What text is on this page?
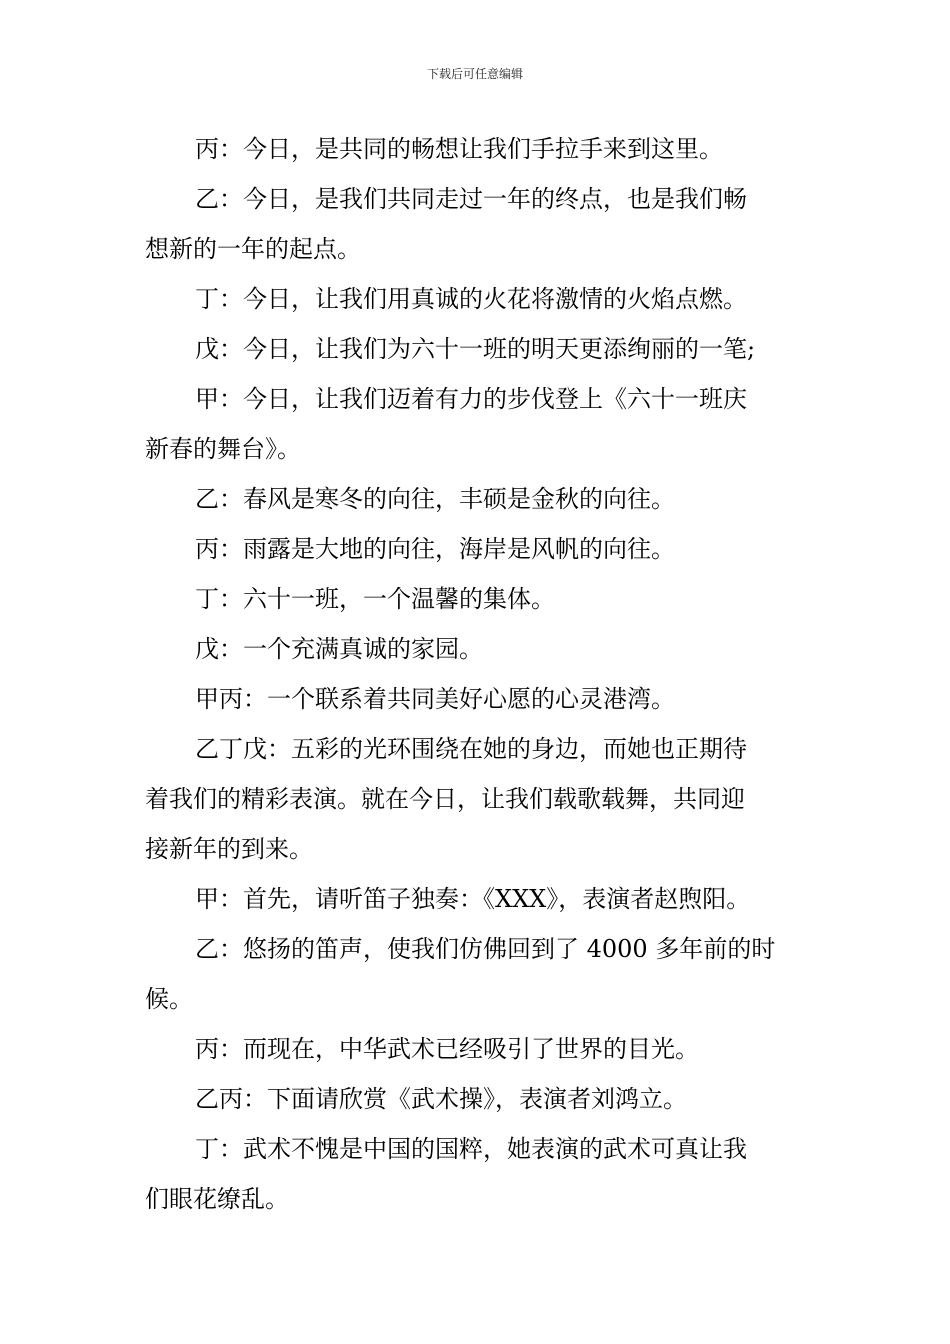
下载后可任意编辑

丙：今日，是共同的畅想让我们手拉手来到这里。

乙：今日，是我们共同走过一年的终点，也是我们畅
想新的一年的起点。

丁：今日，让我们用真诚的火花将激情的火焰点燃。

戊：今日，让我们为六十一班的明天更添绚丽的一笔;

甲：今日，让我们迈着有力的步伐登上《六十一班庆
新春的舞台》。

乙：春风是寒冬的向往，丰硕是金秋的向往。

丙：雨露是大地的向往，海岸是风帆的向往。

丁：六十一班，一个温馨的集体。

戊：一个充满真诚的家园。

甲丙：一个联系着共同美好心愿的心灵港湾。

乙丁戊：五彩的光环围绕在她的身边，而她也正期待
着我们的精彩表演。就在今日，让我们载歌载舞，共同迎
接新年的到来。

甲：首先，请听笛子独奏：《XXX》，表演者赵煦阳。

乙：悠扬的笛声，使我们仿佛回到了 4000 多年前的时
候。

丙：而现在，中华武术已经吸引了世界的目光。

乙丙：下面请欣赏《武术操》，表演者刘鸿立。

丁：武术不愧是中国的国粹，她表演的武术可真让我
们眼花缭乱。
